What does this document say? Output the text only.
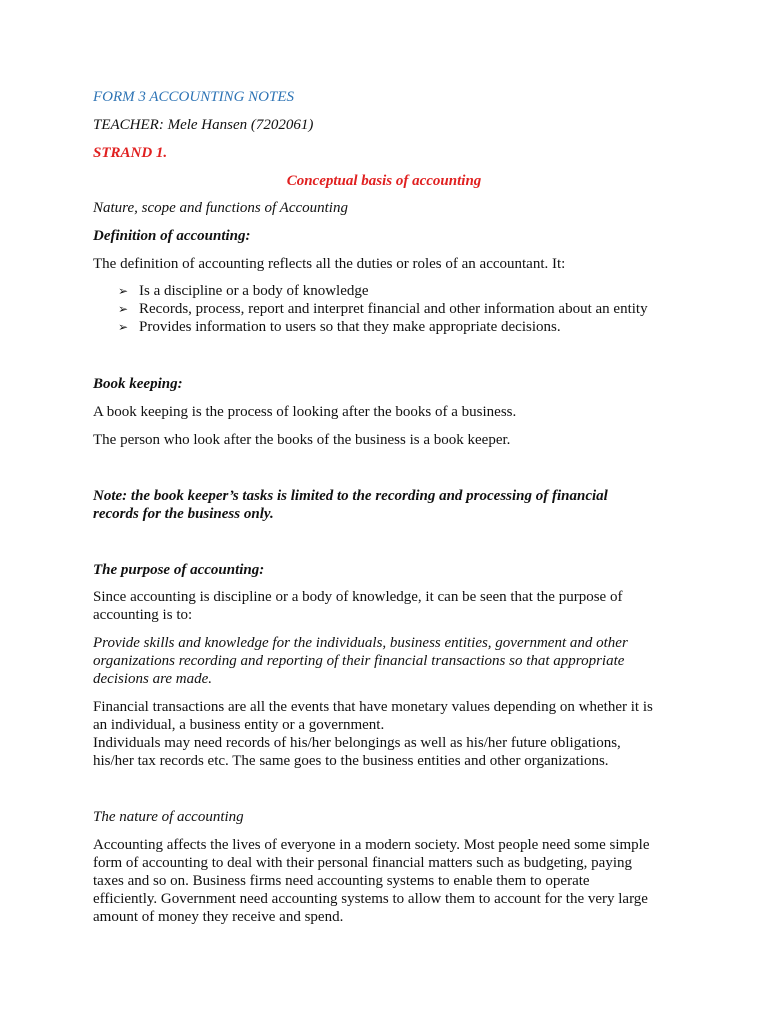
FORM 3 ACCOUNTING NOTES
TEACHER: Mele Hansen (7202061)
STRAND 1.
Conceptual basis of accounting
Nature, scope and functions of Accounting
Definition of accounting:
The definition of accounting reflects all the duties or roles of an accountant. It:
➢ Is a discipline or a body of knowledge
➢ Records, process, report and interpret financial and other information about an entity
➢ Provides information to users so that they make appropriate decisions.
Book keeping:
A book keeping is the process of looking after the books of a business.
The person who look after the books of the business is a book keeper.
Note: the book keeper’s tasks is limited to the recording and processing of financial
records for the business only.
The purpose of accounting:
Since accounting is discipline or a body of knowledge, it can be seen that the purpose of
accounting is to:
Provide skills and knowledge for the individuals, business entities, government and other
organizations recording and reporting of their financial transactions so that appropriate
decisions are made.
Financial transactions are all the events that have monetary values depending on whether it is
an individual, a business entity or a government.
Individuals may need records of his/her belongings as well as his/her future obligations,
his/her tax records etc. The same goes to the business entities and other organizations.
The nature of accounting
Accounting affects the lives of everyone in a modern society. Most people need some simple
form of accounting to deal with their personal financial matters such as budgeting, paying
taxes and so on. Business firms need accounting systems to enable them to operate
efficiently. Government need accounting systems to allow them to account for the very large
amount of money they receive and spend.
